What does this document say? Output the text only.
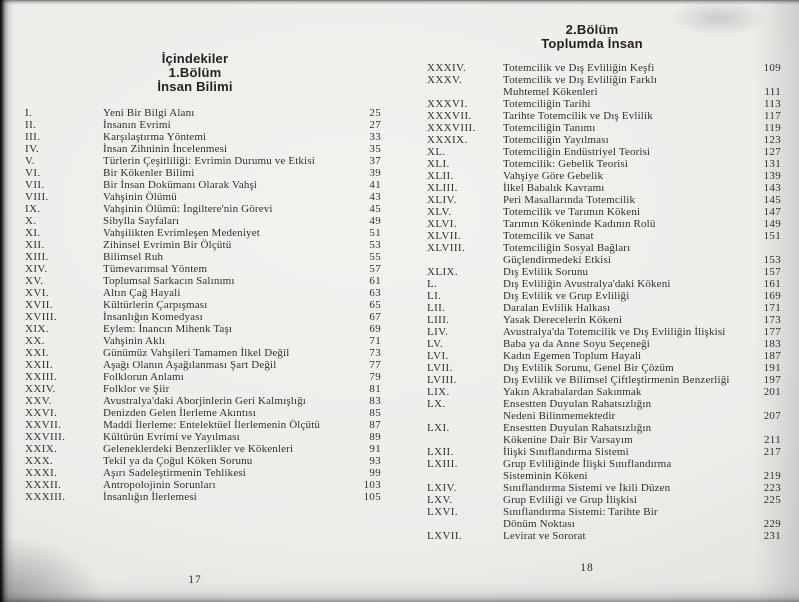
İçindekiler
1.Bölüm
İnsan Bilimi
I.	Yeni Bir Bilgi Alanı	25
II.	İnsanın Evrimi	27
III.	Karşılaştırma Yöntemi	33
IV.	İnsan Zihninin İncelenmesi	35
V.	Türlerin Çeşitliliği: Evrimin Durumu ve Etkisi	37
VI.	Bir Kökenler Bilimi	39
VII.	Bir İnsan Dokümanı Olarak Vahşi	41
VIII.	Vahşinin Ölümü	43
IX.	Vahşinin Ölümü: İngiltere'nin Görevi	45
X.	Sibylla Sayfaları	49
XI.	Vahşilikten Evrimleşen Medeniyet	51
XII.	Zihinsel Evrimin Bir Ölçütü	53
XIII.	Bilimsel Ruh	55
XIV.	Tümevarımsal Yöntem	57
XV.	Toplumsal Sarkacın Salınımı	61
XVI.	Altın Çağ Hayali	63
XVII.	Kültürlerin Çarpışması	65
XVIII.	İnsanlığın Komedyası	67
XIX.	Eylem: İnancın Mihenk Taşı	69
XX.	Vahşinin Aklı	71
XXI.	Günümüz Vahşileri Tamamen İlkel Değil	73
XXII.	Aşağı Olanın Aşağılanması Şart Değil	77
XXIII.	Folklorun Anlamı	79
XXIV.	Folklor ve Şiir	81
XXV.	Avustralya'daki Aborjinlerin Geri Kalmışlığı	83
XXVI.	Denizden Gelen İlerleme Akıntısı	85
XXVII.	Maddi İlerleme: Entelektüel İlerlemenin Ölçütü	87
XXVIII.	Kültürün Evrimi ve Yayılması	89
XXIX.	Geleneklerdeki Benzerlikler ve Kökenleri	91
XXX.	Tekil ya da Çoğul Köken Sorunu	93
XXXI.	Aşırı Sadeleştirmenin Tehlikesi	99
XXXII.	Antropolojinin Sorunları	103
XXXIII.	İnsanlığın İlerlemesi	105
17
2.Bölüm
Toplumda İnsan
XXXIV.	Totemcilik ve Dış Evliliğin Keşfi	109
XXXV.	Totemcilik ve Dış Evliliğin Farklı
Muhtemel Kökenleri	111
XXXVI.	Totemciliğin Tarihi	113
XXXVII.	Tarihte Totemcilik ve Dış Evlilik	117
XXXVIII.	Totemciliğin Tanımı	119
XXXIX.	Totemciliğin Yayılması	123
XL.	Totemciliğin Endüstriyel Teorisi	127
XLI.	Totemcilik: Gebelik Teorisi	131
XLII.	Vahşiye Göre Gebelik	139
XLIII.	İlkel Babalık Kavramı	143
XLIV.	Peri Masallarında Totemcilik	145
XLV.	Totemcilik ve Tarımın Kökeni	147
XLVI.	Tarımın Kökeninde Kadının Rolü	149
XLVII.	Totemcilik ve Sanat	151
XLVIII.	Totemciliğin Sosyal Bağları
Güçlendirmedeki Etkisi	153
XLIX.	Dış Evlilik Sorunu	157
L.	Dış Evliliğin Avustralya'daki Kökeni	161
LI.	Dış Evlilik ve Grup Evliliği	169
LII.	Daralan Evlilik Halkası	171
LIII.	Yasak Derecelerin Kökeni	173
LIV.	Avustralya'da Totemcilik ve Dış Evliliğin İlişkisi	177
LV.	Baba ya da Anne Soyu Seçeneği	183
LVI.	Kadın Egemen Toplum Hayali	187
LVII.	Dış Evlilik Sorunu, Genel Bir Çözüm	191
LVIII.	Dış Evlilik ve Bilimsel Çiftleştirmenin Benzerliği	197
LIX.	Yakın Akrabalardan Sakınmak	201
LX.	Ensestten Duyulan Rahatsızlığın
Nedeni Bilinmemektedir	207
LXI.	Ensestten Duyulan Rahatsızlığın
Kökenine Dair Bir Varsayım	211
LXII.	İlişki Sınıflandırma Sistemi	217
LXIII.	Grup Evliliğinde İlişki Sınıflandırma
Sisteminin Kökeni	219
LXIV.	Sınıflandırma Sistemi ve İkili Düzen	223
LXV.	Grup Evliliği ve Grup İlişkisi	225
LXVI.	Sınıflandırma Sistemi: Tarihte Bir
Dönüm Noktası	229
LXVII.	Levirat ve Sororat	231
18
